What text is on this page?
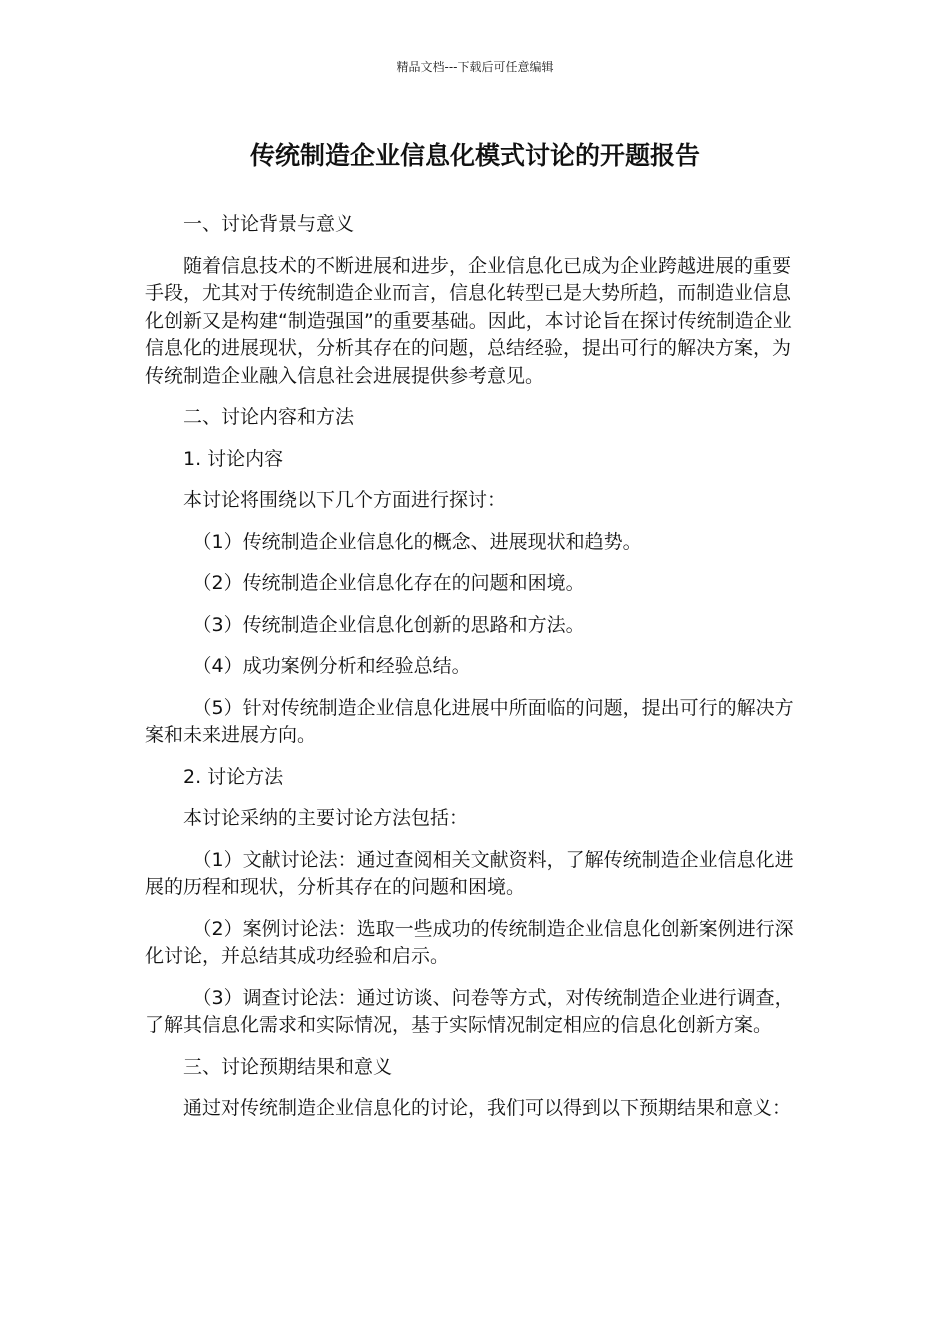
精品文档---下载后可任意编辑
传统制造企业信息化模式讨论的开题报告

一、讨论背景与意义

随着信息技术的不断进展和进步，企业信息化已成为企业跨越进展的重要手段，尤其对于传统制造企业而言，信息化转型已是大势所趋，而制造业信息化创新又是构建“制造强国”的重要基础。因此，本讨论旨在探讨传统制造企业信息化的进展现状，分析其存在的问题，总结经验，提出可行的解决方案，为传统制造企业融入信息社会进展提供参考意见。

二、讨论内容和方法

1. 讨论内容

本讨论将围绕以下几个方面进行探讨：

（1）传统制造企业信息化的概念、进展现状和趋势。

（2）传统制造企业信息化存在的问题和困境。

（3）传统制造企业信息化创新的思路和方法。

（4）成功案例分析和经验总结。

（5）针对传统制造企业信息化进展中所面临的问题，提出可行的解决方案和未来进展方向。

2. 讨论方法

本讨论采纳的主要讨论方法包括：

（1）文献讨论法：通过查阅相关文献资料，了解传统制造企业信息化进展的历程和现状，分析其存在的问题和困境。

（2）案例讨论法：选取一些成功的传统制造企业信息化创新案例进行深化讨论，并总结其成功经验和启示。

（3）调查讨论法：通过访谈、问卷等方式，对传统制造企业进行调查，了解其信息化需求和实际情况，基于实际情况制定相应的信息化创新方案。

三、讨论预期结果和意义

通过对传统制造企业信息化的讨论，我们可以得到以下预期结果和意义：
